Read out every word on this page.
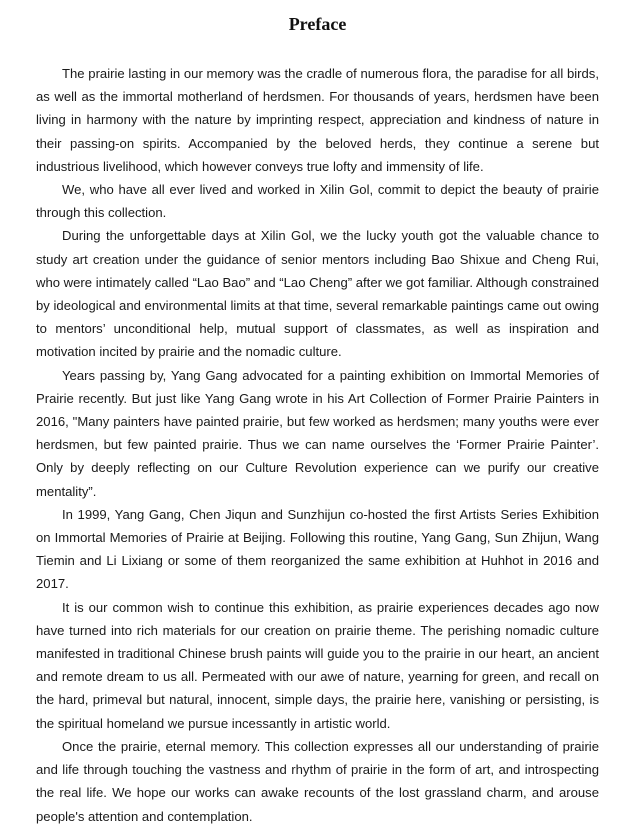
Preface

The prairie lasting in our memory was the cradle of numerous flora, the paradise for all birds, as well as the immortal motherland of herdsmen. For thousands of years, herdsmen have been living in harmony with the nature by imprinting respect, appreciation and kindness of nature in their passing-on spirits. Accompanied by the beloved herds, they continue a serene but industrious livelihood, which however conveys true lofty and immensity of life.

We, who have all ever lived and worked in Xilin Gol, commit to depict the beauty of prairie through this collection.

During the unforgettable days at Xilin Gol, we the lucky youth got the valuable chance to study art creation under the guidance of senior mentors including Bao Shixue and Cheng Rui, who were intimately called “Lao Bao” and “Lao Cheng” after we got familiar. Although constrained by ideological and environmental limits at that time, several remarkable paintings came out owing to mentors’ unconditional help, mutual support of classmates, as well as inspiration and motivation incited by prairie and the nomadic culture.

Years passing by, Yang Gang advocated for a painting exhibition on Immortal Memories of Prairie recently. But just like Yang Gang wrote in his Art Collection of Former Prairie Painters in 2016, "Many painters have painted prairie, but few worked as herdsmen; many youths were ever herdsmen, but few painted prairie. Thus we can name ourselves the ‘Former Prairie Painter’. Only by deeply reflecting on our Culture Revolution experience can we purify our creative mentality”.

In 1999, Yang Gang, Chen Jiqun and Sunzhijun co-hosted the first Artists Series Exhibition on Immortal Memories of Prairie at Beijing. Following this routine, Yang Gang, Sun Zhijun, Wang Tiemin and Li Lixiang or some of them reorganized the same exhibition at Huhhot in 2016 and 2017.

It is our common wish to continue this exhibition, as prairie experiences decades ago now have turned into rich materials for our creation on prairie theme. The perishing nomadic culture manifested in traditional Chinese brush paints will guide you to the prairie in our heart, an ancient and remote dream to us all. Permeated with our awe of nature, yearning for green, and recall on the hard, primeval but natural, innocent, simple days, the prairie here, vanishing or persisting, is the spiritual homeland we pursue incessantly in artistic world.

Once the prairie, eternal memory. This collection expresses all our understanding of prairie and life through touching the vastness and rhythm of prairie in the form of art, and introspecting the real life. We hope our works can awake recounts of the lost grassland charm, and arouse people's attention and contemplation.
